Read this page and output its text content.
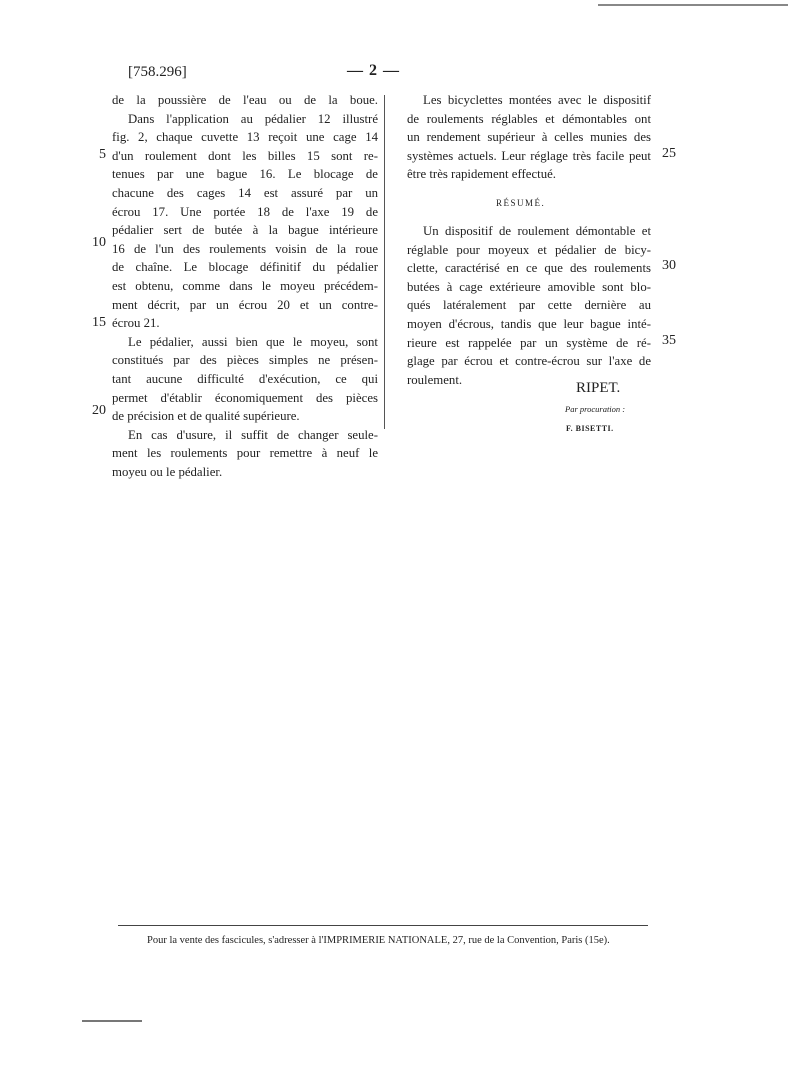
[758.296]	— 2 —
de la poussière de l'eau ou de la boue.
Dans l'application au pédalier 12 illustré
fig. 2, chaque cuvette 13 reçoit une cage 14
d'un roulement dont les billes 15 sont re-
tenues par une bague 16. Le blocage de
chacune des cages 14 est assuré par un
écrou 17. Une portée 18 de l'axe 19 de
pédalier sert de butée à la bague intérieure
16 de l'un des roulements voisin de la roue
de chaîne. Le blocage définitif du pédalier
est obtenu, comme dans le moyeu précédem-
ment décrit, par un écrou 20 et un contre-
écrou 21.
Le pédalier, aussi bien que le moyeu, sont
constitués par des pièces simples ne présen-
tant aucune difficulté d'exécution, ce qui
permet d'établir économiquement des pièces
de précision et de qualité supérieure.
En cas d'usure, il suffit de changer seule-
ment les roulements pour remettre à neuf le
moyeu ou le pédalier.
5
10
15
20
Les bicyclettes montées avec le dispositif
de roulements réglables et démontables ont
un rendement supérieur à celles munies des
systèmes actuels. Leur réglage très facile peut
être très rapidement effectué.
RÉSUMÉ.
Un dispositif de roulement démontable et
réglable pour moyeux et pédalier de bicy-
clette, caractérisé en ce que des roulements
butées à cage extérieure amovible sont blo-
qués latéralement par cette dernière au
moyen d'écrous, tandis que leur bague inté-
rieure est rappelée par un système de ré-
glage par écrou et contre-écrou sur l'axe de
roulement.
25
30
35
RIPET.
Par procuration :
F. BISETTI.
Pour la vente des fascicules, s'adresser à l'IMPRIMERIE NATIONALE, 27, rue de la Convention, Paris (15e).
